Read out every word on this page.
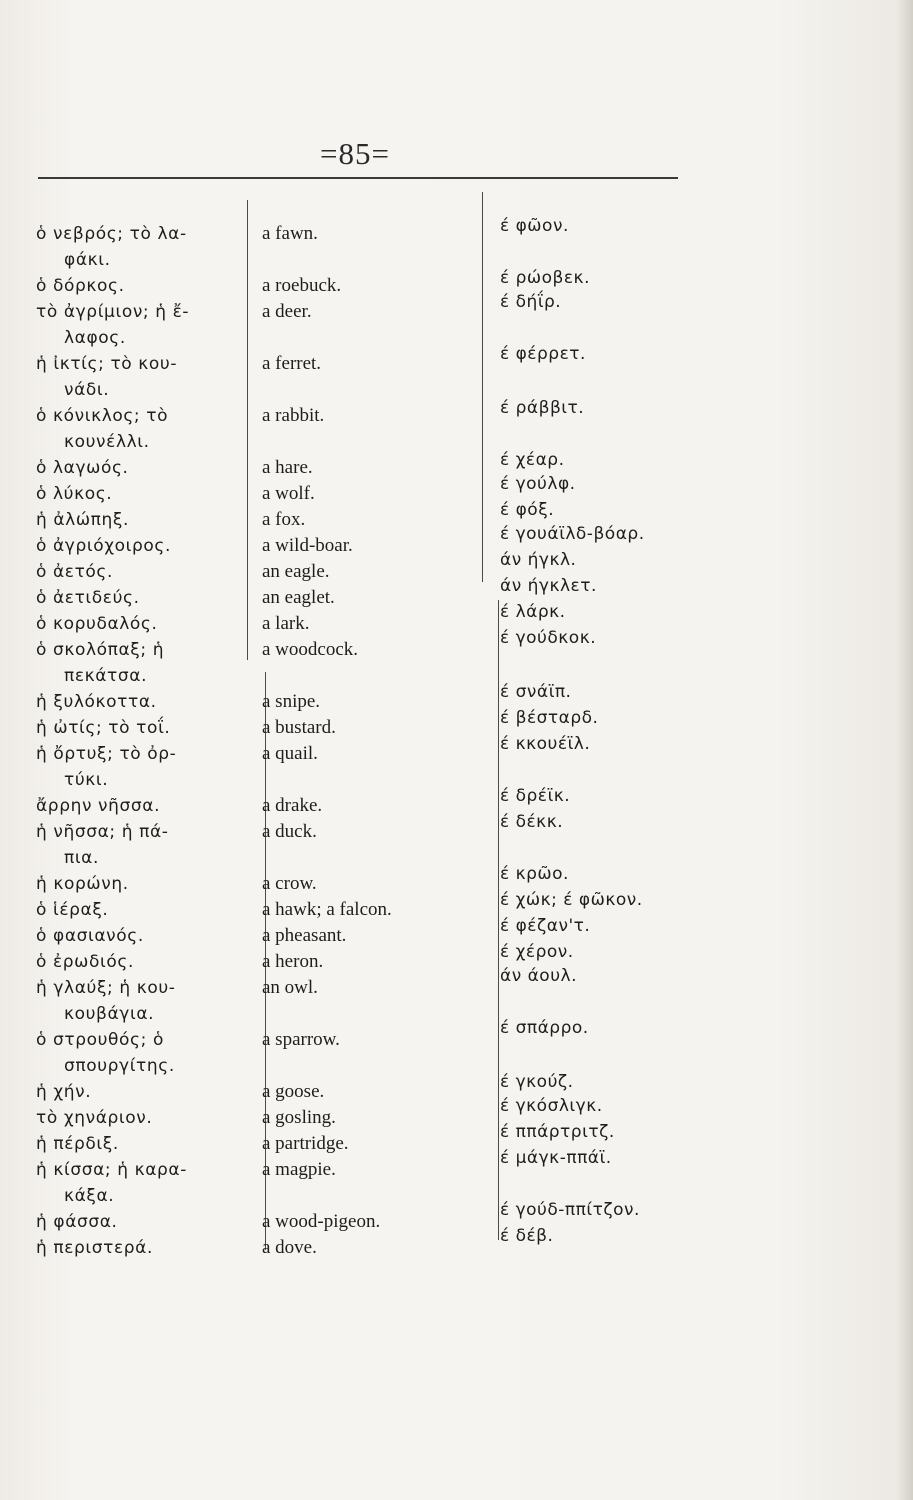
=85=
ὁ νεβρός; τὸ λα-
φάκι.
ὁ δόρκος.
τὸ ἀγρίμιον; ἡ ἔ-
λαφος.
ἡ ἰκτίς; τὸ κου-
νάδι.
ὁ κόνικλος; τὸ
κουνέλλι.
ὁ λαγωός.
ὁ λύκος.
ἡ ἀλώπηξ.
ὁ ἀγριόχοιρος.
ὁ ἀετός.
ὁ ἀετιδεύς.
ὁ κορυδαλός.
ὁ σκολόπαξ; ἡ
πεκάτσα.
ἡ ξυλόκοττα.
ἡ ὠτίς; τὸ τοΐ.
ἡ ὄρτυξ; τὸ ὀρ-
τύκι.
ἄρρην νῆσσα.
ἡ νῆσσα; ἡ πά-
πια.
ἡ κορώνη.
ὁ ἱέραξ.
ὁ φασιανός.
ὁ ἐρωδιός.
ἡ γλαύξ; ἡ κου-
κουβάγια.
ὁ στρουθός; ὁ
σπουργίτης.
ἡ χήν.
τὸ χηνάριον.
ἡ πέρδιξ.
ἡ κίσσα; ἡ καρα-
κάξα.
ἡ φάσσα.
ἡ περιστερά.
a fawn.
a roebuck.
a deer.
a ferret.
a rabbit.
a hare.
a wolf.
a fox.
a wild-boar.
an eagle.
an eaglet.
a lark.
a woodcock.
a snipe.
a bustard.
a quail.
a drake.
a duck.
a crow.
a hawk; a falcon.
a pheasant.
a heron.
an owl.
a sparrow.
a goose.
a gosling.
a partridge.
a magpie.
a wood-pigeon.
a dove.
έ φῶον.
έ ρώοβεκ.
έ δήΐρ.
έ φέρρετ.
έ ράββιτ.
έ χέαρ.
έ γούλφ.
έ φόξ.
έ γουάϊλδ-βόαρ.
άν ήγκλ.
άν ήγκλετ.
έ λάρκ.
έ γούδκοκ.
έ σνάϊπ.
έ βέσταρδ.
έ κκουέϊλ.
έ δρέϊκ.
έ δέκκ.
έ κρῶο.
έ χώκ; έ φῶκον.
έ φέζαν'τ.
έ χέρον.
άν άουλ.
έ σπάρρο.
έ γκούζ.
έ γκόσλιγκ.
έ ππάρτριτζ.
έ μάγκ-ππάϊ.
έ γούδ-ππίτζον.
έ δέβ.
